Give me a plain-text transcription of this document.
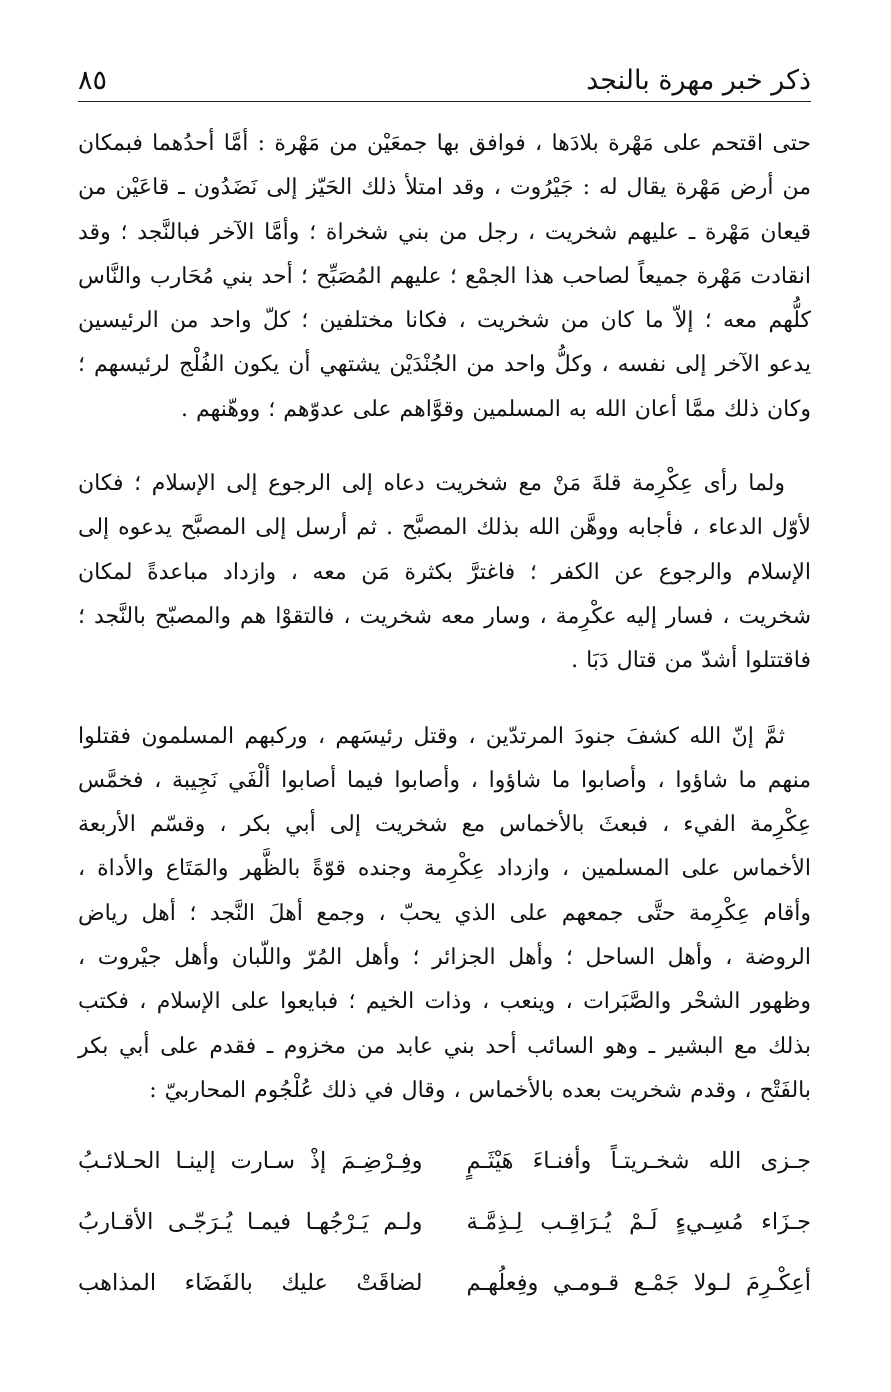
ذكر خبر مهرة بالنجد
٨٥

حتى اقتحم على مَهْرة بلادَها ، فوافق بها جمعَيْن من مَهْرة : أمَّا أحدُهما فبمكان من أرض مَهْرة يقال له : جَيْرُوت ، وقد امتلأ ذلك الحَيّز إلى نَضَدُون ـ قاعَيْن من قيعان مَهْرة ـ عليهم شخريت ، رجل من بني شخراة ؛ وأمَّا الآخر فبالنَّجد ؛ وقد انقادت مَهْرة جميعاً لصاحب هذا الجمْع ؛ عليهم المُصَبِّح ؛ أحد بني مُحَارب والنَّاس كلُّهم معه ؛ إلاّ ما كان من شخريت ، فكانا مختلفين ؛ كلّ واحد من الرئيسين يدعو الآخر إلى نفسه ، وكلُّ واحد من الجُنْدَيْن يشتهي أن يكون الفُلْج لرئيسهم ؛ وكان ذلك ممَّا أعان الله به المسلمين وقوَّاهم على عدوّهم ؛ ووهّنهم .

ولما رأى عِكْرِمة قلةَ مَنْ مع شخريت دعاه إلى الرجوع إلى الإسلام ؛ فكان لأوّل الدعاء ، فأجابه ووهَّن الله بذلك المصبَّح . ثم أرسل إلى المصبَّح يدعوه إلى الإسلام والرجوع عن الكفر ؛ فاغترَّ بكثرة مَن معه ، وازداد مباعدةً لمكان شخريت ، فسار إليه عكْرِمة ، وسار معه شخريت ، فالتقوْا هم والمصبّح بالنَّجد ؛ فاقتتلوا أشدّ من قتال دَبَا .

ثمَّ إنّ الله كشفَ جنودَ المرتدّين ، وقتل رئيسَهم ، وركبهم المسلمون فقتلوا منهم ما شاؤوا ، وأصابوا ما شاؤوا ، وأصابوا فيما أصابوا ألْفَي نَجِيبة ، فخمَّس عِكْرِمة الفيء ، فبعثَ بالأخماس مع شخريت إلى أبي بكر ، وقسّم الأربعة الأخماس على المسلمين ، وازداد عِكْرِمة وجنده قوّةً بالظَّهر والمَتَاع والأداة ، وأقام عِكْرِمة حتَّى جمعهم على الذي يحبّ ، وجمع أهلَ النَّجد ؛ أهل رياض الروضة ، وأهل الساحل ؛ وأهل الجزائر ؛ وأهل المُرّ واللّبان وأهل جيْروت ، وظهور الشحْر والصَّبَرات ، وينعب ، وذات الخيم ؛ فبايعوا على الإسلام ، فكتب بذلك مع البشير ـ وهو السائب أحد بني عابد من مخزوم ـ فقدم على أبي بكر بالفَتْح ، وقدم شخريت بعده بالأخماس ، وقال في ذلك عُلْجُوم المحاربيّ :

جـزى الله شخـريتـاً وأفنـاءَ هَيْثَـمٍ
وفِـرْضِـمَ إذْ سـارت إلينـا الحـلائـبُ
جـزَاء مُسِـيءٍ لَـمْ يُـرَاقِـب لِـذِمَّـة
ولـم يَـرْجُهـا فيمـا يُـرَجّـى الأقـاربُ
أعِكْـرِمَ لـولا جَمْـع قـومـي وفِعلُهـم
لضاقَتْ عليك بالفَضَاء المذاهب
